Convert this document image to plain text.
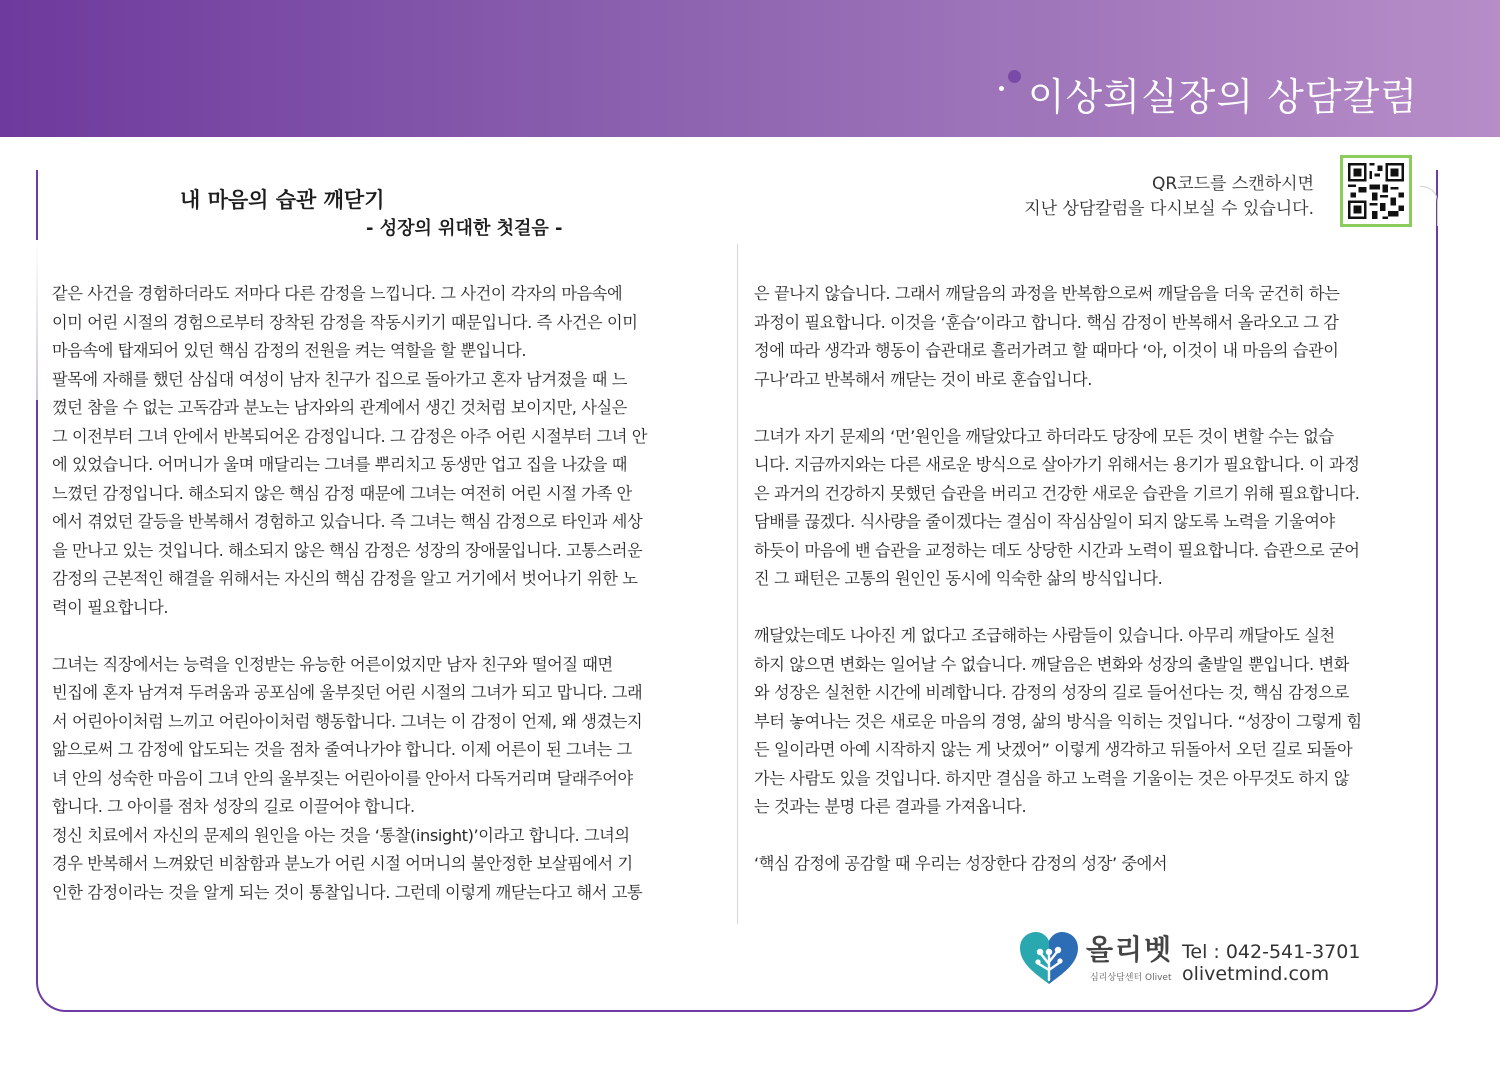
이상희실장의 상담칼럼
내 마음의 습관 깨닫기
- 성장의 위대한 첫걸음 -
QR코드를 스캔하시면
지난 상담칼럼을 다시보실 수 있습니다.

같은 사건을 경험하더라도 저마다 다른 감정을 느낍니다. 그 사건이 각자의 마음속에

이미 어린 시절의 경험으로부터 장착된 감정을 작동시키기 때문입니다. 즉 사건은 이미

마음속에 탑재되어 있던 핵심 감정의 전원을 켜는 역할을 할 뿐입니다.

팔목에 자해를 했던 삼십대 여성이 남자 친구가 집으로 돌아가고 혼자 남겨졌을 때 느

꼈던 참을 수 없는 고독감과 분노는 남자와의 관계에서 생긴 것처럼 보이지만, 사실은

그 이전부터 그녀 안에서 반복되어온 감정입니다. 그 감정은 아주 어린 시절부터 그녀 안

에 있었습니다. 어머니가 울며 매달리는 그녀를 뿌리치고 동생만 업고 집을 나갔을 때

느꼈던 감정입니다. 해소되지 않은 핵심 감정 때문에 그녀는 여전히 어린 시절 가족 안

에서 겪었던 갈등을 반복해서 경험하고 있습니다. 즉 그녀는 핵심 감정으로 타인과 세상

을 만나고 있는 것입니다. 해소되지 않은 핵심 감정은 성장의 장애물입니다. 고통스러운

감정의 근본적인 해결을 위해서는 자신의 핵심 감정을 알고 거기에서 벗어나기 위한 노

력이 필요합니다.

그녀는 직장에서는 능력을 인정받는 유능한 어른이었지만 남자 친구와 떨어질 때면

빈집에 혼자 남겨져 두려움과 공포심에 울부짖던 어린 시절의 그녀가 되고 맙니다. 그래

서 어린아이처럼 느끼고 어린아이처럼 행동합니다. 그녀는 이 감정이 언제, 왜 생겼는지

앎으로써 그 감정에 압도되는 것을 점차 줄여나가야 합니다. 이제 어른이 된 그녀는 그

녀 안의 성숙한 마음이 그녀 안의 울부짖는 어린아이를 안아서 다독거리며 달래주어야

합니다. 그 아이를 점차 성장의 길로 이끌어야 합니다.

정신 치료에서 자신의 문제의 원인을 아는 것을 ‘통찰(insight)’이라고 합니다. 그녀의

경우 반복해서 느껴왔던 비참함과 분노가 어린 시절 어머니의 불안정한 보살핌에서 기

인한 감정이라는 것을 알게 되는 것이 통찰입니다. 그런데 이렇게 깨닫는다고 해서 고통

은 끝나지 않습니다. 그래서 깨달음의 과정을 반복함으로써 깨달음을 더욱 굳건히 하는

과정이 필요합니다. 이것을 ‘훈습’이라고 합니다. 핵심 감정이 반복해서 올라오고 그 감

정에 따라 생각과 행동이 습관대로 흘러가려고 할 때마다 ‘아, 이것이 내 마음의 습관이

구나’라고 반복해서 깨닫는 것이 바로 훈습입니다.

그녀가 자기 문제의 ‘먼’원인을 깨달았다고 하더라도 당장에 모든 것이 변할 수는 없습

니다. 지금까지와는 다른 새로운 방식으로 살아가기 위해서는 용기가 필요합니다. 이 과정

은 과거의 건강하지 못했던 습관을 버리고 건강한 새로운 습관을 기르기 위해 필요합니다.

담배를 끊겠다. 식사량을 줄이겠다는 결심이 작심삼일이 되지 않도록 노력을 기울여야

하듯이 마음에 밴 습관을 교정하는 데도 상당한 시간과 노력이 필요합니다. 습관으로 굳어

진 그 패턴은 고통의 원인인 동시에 익숙한 삶의 방식입니다.

깨달았는데도 나아진 게 없다고 조급해하는 사람들이 있습니다. 아무리 깨달아도 실천

하지 않으면 변화는 일어날 수 없습니다. 깨달음은 변화와 성장의 출발일 뿐입니다. 변화

와 성장은 실천한 시간에 비례합니다. 감정의 성장의 길로 들어선다는 것, 핵심 감정으로

부터 놓여나는 것은 새로운 마음의 경영, 삶의 방식을 익히는 것입니다. “성장이 그렇게 힘

든 일이라면 아예 시작하지 않는 게 낫겠어” 이렇게 생각하고 뒤돌아서 오던 길로 되돌아

가는 사람도 있을 것입니다. 하지만 결심을 하고 노력을 기울이는 것은 아무것도 하지 않

는 것과는 분명 다른 결과를 가져옵니다.

‘핵심 감정에 공감할 때 우리는 성장한다 감정의 성장’ 중에서

올리벳
심리상담센터 Olivet
Tel : 042-541-3701
olivetmind.com
